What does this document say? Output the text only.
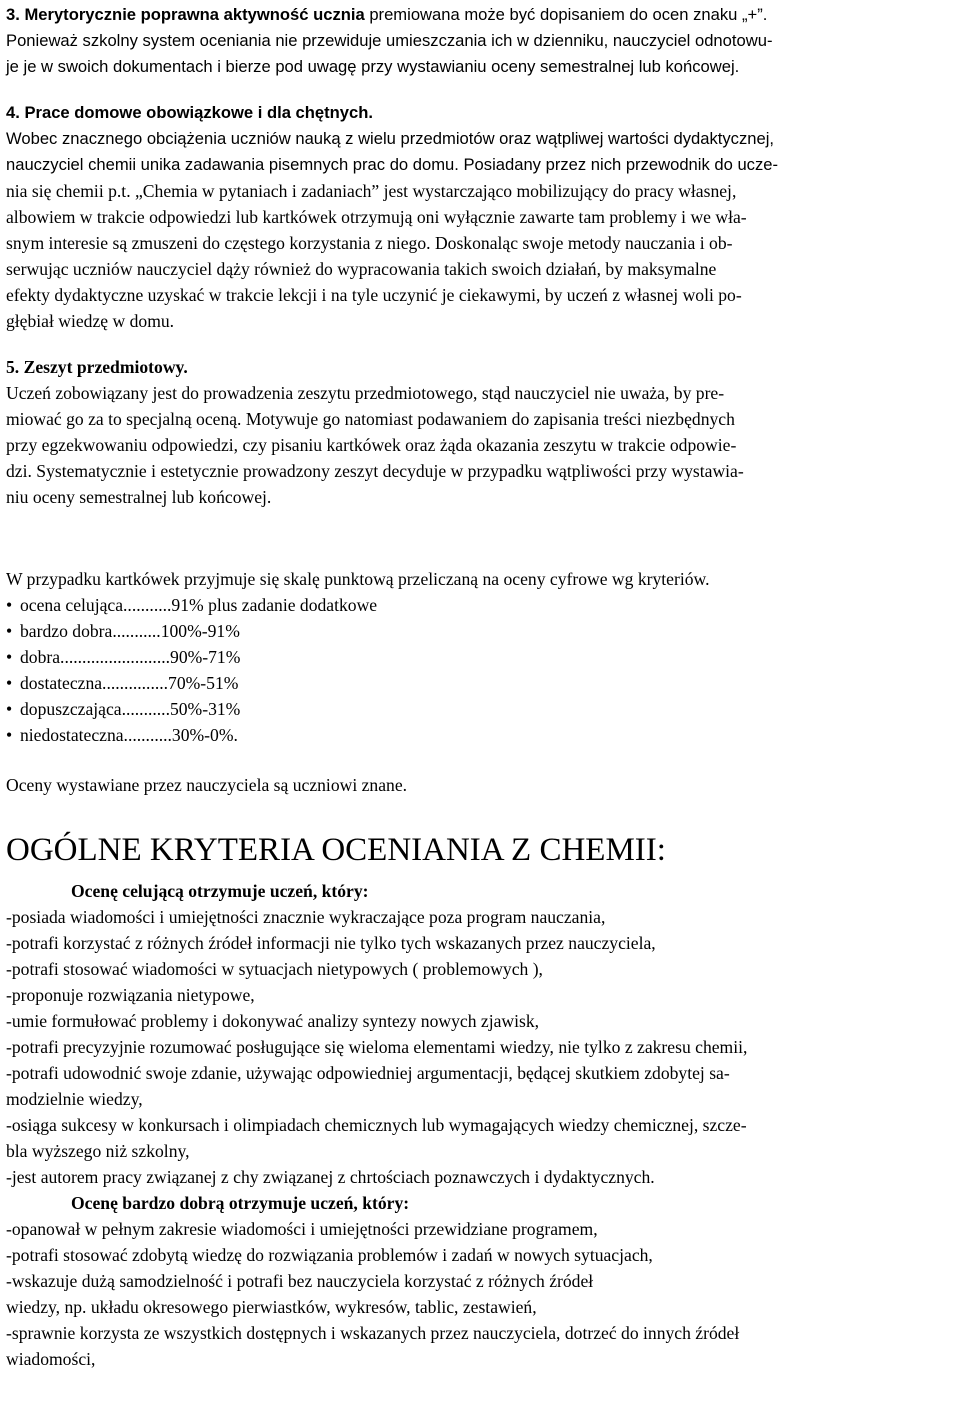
3. Merytorycznie poprawna aktywność ucznia premiowana może być dopisaniem do ocen znaku „+”.
Ponieważ szkolny system oceniania nie przewiduje umieszczania ich w dzienniku, nauczyciel odnotowu-
je je w swoich dokumentach i bierze pod uwagę przy wystawianiu oceny semestralnej lub końcowej.
4. Prace domowe obowiązkowe i dla chętnych.
Wobec znacznego obciążenia uczniów nauką z wielu przedmiotów oraz wątpliwej wartości dydaktycznej,
nauczyciel chemii unika zadawania pisemnych prac do domu. Posiadany przez nich przewodnik do ucze-
nia się chemii p.t. „Chemia w pytaniach i zadaniach” jest wystarczająco mobilizujący do pracy własnej,
albowiem w trakcie odpowiedzi lub kartkówek otrzymują oni wyłącznie zawarte tam problemy i we wła-
snym interesie są zmuszeni do częstego korzystania z niego. Doskonaląc swoje metody nauczania i ob-
serwując uczniów nauczyciel dąży również do wypracowania takich swoich działań, by maksymalne
efekty dydaktyczne uzyskać w trakcie lekcji i na tyle uczynić je ciekawymi, by uczeń z własnej woli po-
głębiał wiedzę w domu.
5. Zeszyt przedmiotowy.
Uczeń zobowiązany jest do prowadzenia zeszytu przedmiotowego, stąd nauczyciel nie uważa, by pre-
miować go za to specjalną oceną. Motywuje go natomiast podawaniem do zapisania treści niezbędnych
przy egzekwowaniu odpowiedzi, czy pisaniu kartkówek oraz żąda okazania zeszytu w trakcie odpowie-
dzi. Systematycznie i estetycznie prowadzony zeszyt decyduje w przypadku wątpliwości przy wystawia-
niu oceny semestralnej lub końcowej.
W przypadku kartkówek przyjmuje się skalę punktową przeliczaną na oceny cyfrowe wg kryteriów.
• ocena celująca...........91% plus zadanie dodatkowe
• bardzo dobra...........100%-91%
• dobra.........................90%-71%
• dostateczna...............70%-51%
• dopuszczająca...........50%-31%
• niedostateczna...........30%-0%.
Oceny wystawiane przez nauczyciela są uczniowi znane.
OGÓLNE KRYTERIA OCENIANIA Z CHEMII:
Ocenę celującą otrzymuje uczeń, który:
-posiada wiadomości i umiejętności znacznie wykraczające poza program nauczania,
-potrafi korzystać z różnych źródeł informacji nie tylko tych wskazanych przez nauczyciela,
-potrafi stosować wiadomości w sytuacjach nietypowych ( problemowych ),
-proponuje rozwiązania nietypowe,
-umie formułować problemy i dokonywać analizy syntezy nowych zjawisk,
-potrafi precyzyjnie rozumować posługujące się wieloma elementami wiedzy, nie tylko z zakresu chemii,
-potrafi udowodnić swoje zdanie, używając odpowiedniej argumentacji, będącej skutkiem zdobytej sa-
modzielnie wiedzy,
-osiąga sukcesy w konkursach i olimpiadach chemicznych lub wymagających wiedzy chemicznej, szcze-
bla wyższego niż szkolny,
-jest autorem pracy związanej z chy związanej z chrtościach poznawczych i dydaktycznych.
Ocenę bardzo dobrą otrzymuje uczeń, który:
-opanował w pełnym zakresie wiadomości i umiejętności przewidziane programem,
-potrafi stosować zdobytą wiedzę do rozwiązania problemów i zadań w nowych sytuacjach,
-wskazuje dużą samodzielność i potrafi bez nauczyciela korzystać z różnych źródeł
wiedzy, np. układu okresowego pierwiastków, wykresów, tablic, zestawień,
-sprawnie korzysta ze wszystkich dostępnych i wskazanych przez nauczyciela, dotrzeć do innych źródeł
wiadomości,
